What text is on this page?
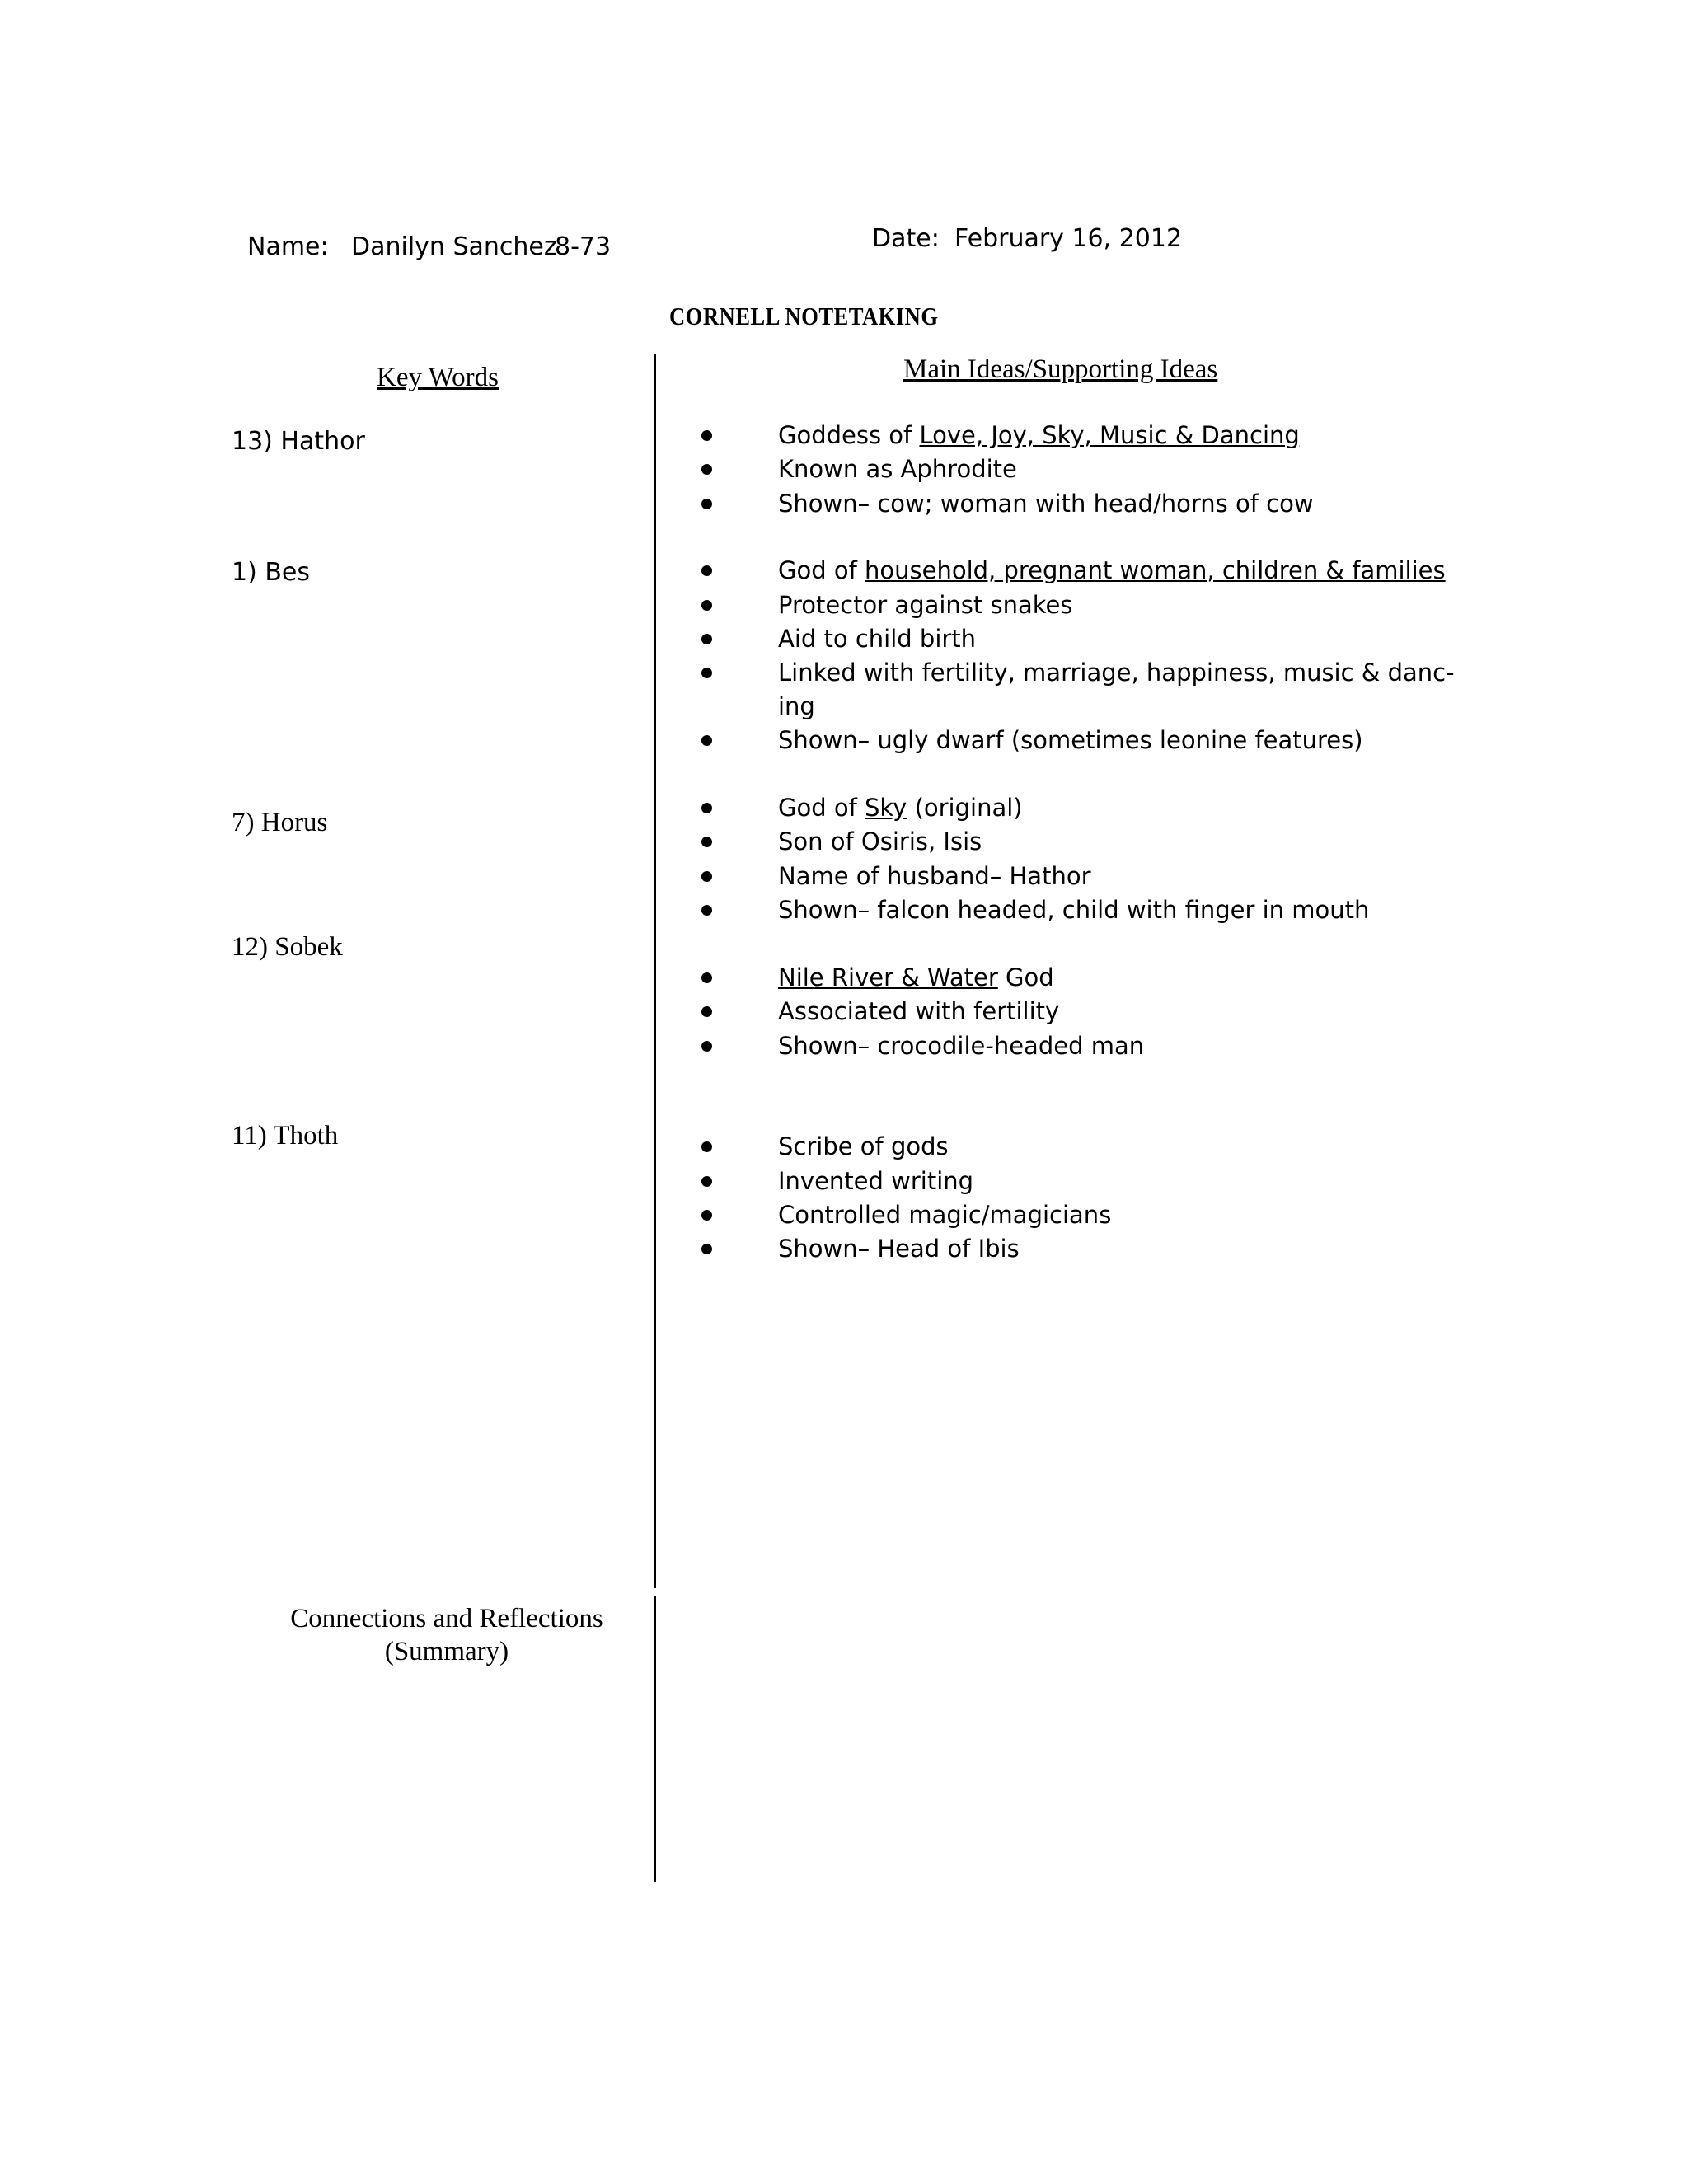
Name: Danilyn Sanchez
8-73	Date: February 16, 2012
CORNELL NOTETAKING
Key Words	Main Ideas/Supporting Ideas
13) Hathor
1) Bes
7) Horus
12) Sobek
11) Thoth
Goddess of Love, Joy, Sky, Music & Dancing
Known as Aphrodite
Shown– cow; woman with head/horns of cow
God of household, pregnant woman, children & families
Protector against snakes
Aid to child birth
Linked with fertility, marriage, happiness, music & danc-
ing
Shown– ugly dwarf (sometimes leonine features)
God of Sky (original)
Son of Osiris, Isis
Name of husband– Hathor
Shown– falcon headed, child with finger in mouth
Nile River & Water God
Associated with fertility
Shown– crocodile-headed man
Scribe of gods
Invented writing
Controlled magic/magicians
Shown– Head of Ibis
Connections and Reflections
(Summary)
